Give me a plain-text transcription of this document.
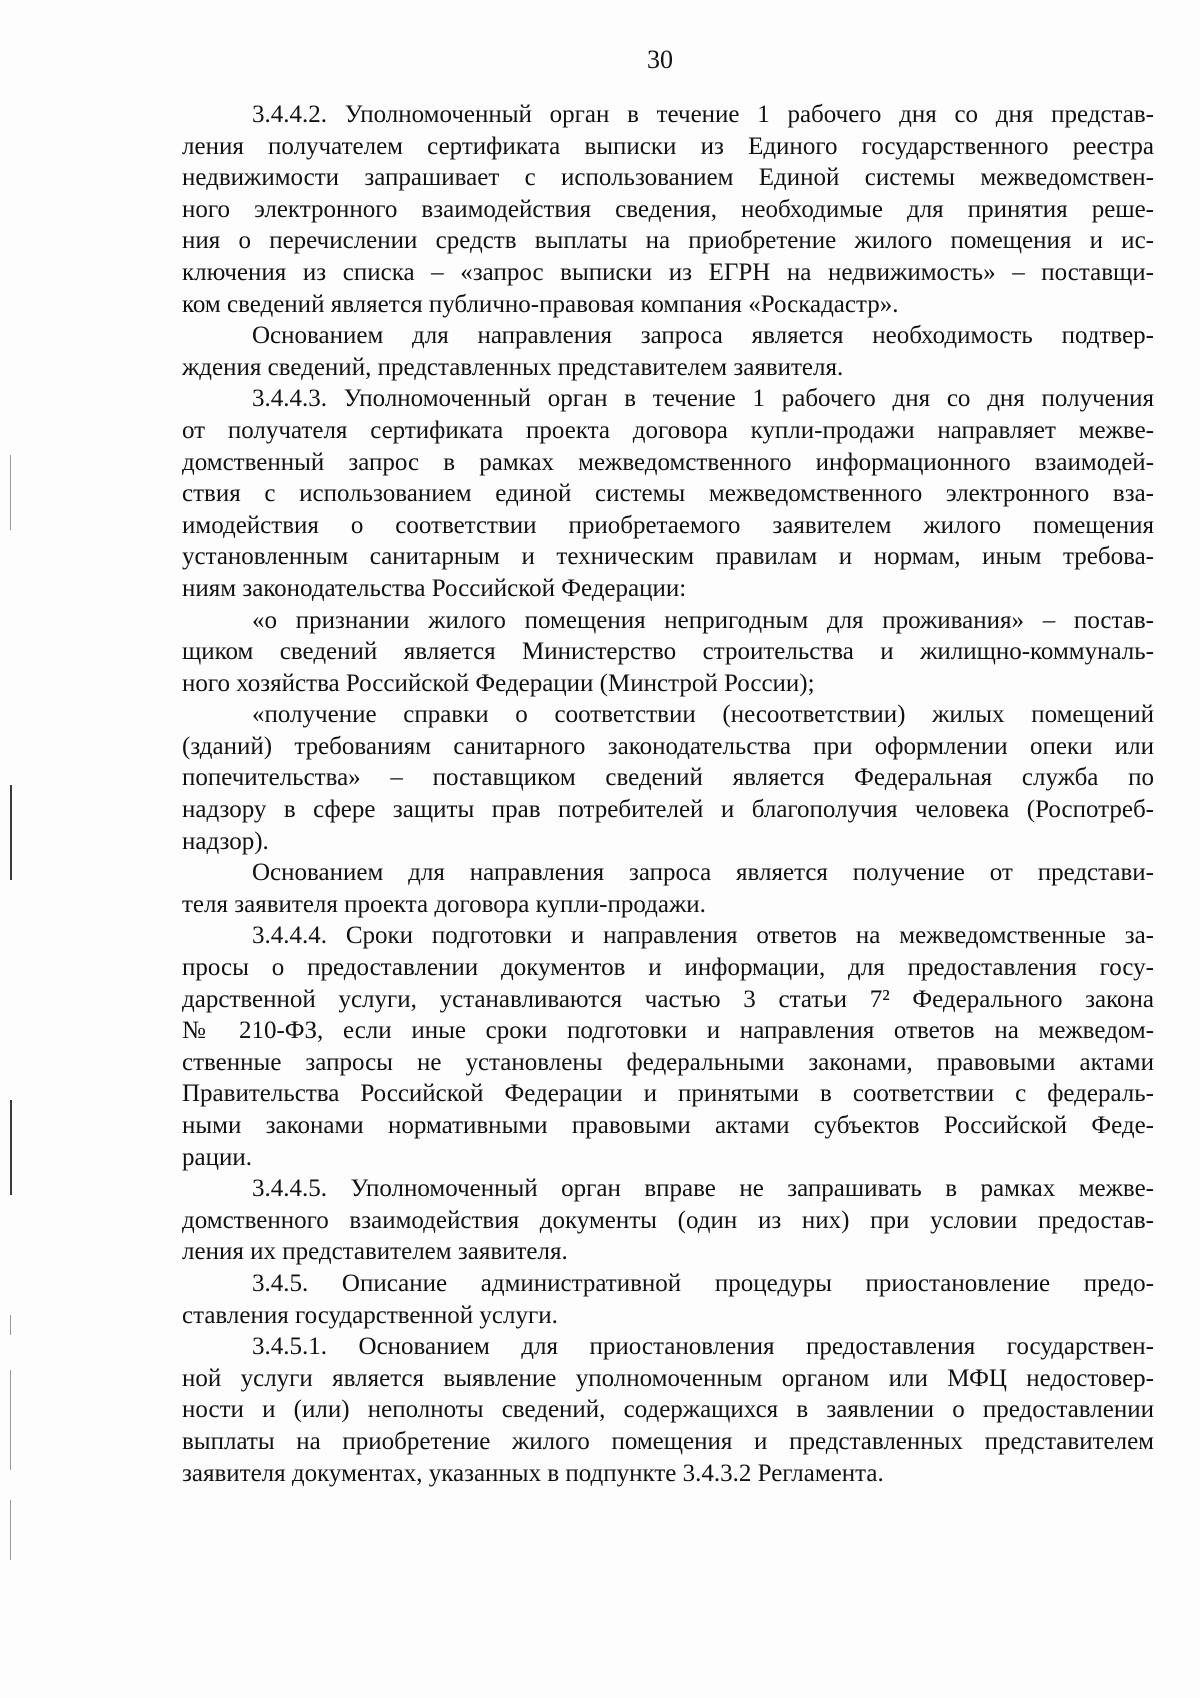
30
3.4.4.2. Уполномоченный орган в течение 1 рабочего дня со дня представ-
ления получателем сертификата выписки из Единого государственного реестра
недвижимости запрашивает с использованием Единой системы межведомствен-
ного электронного взаимодействия сведения, необходимые для принятия реше-
ния о перечислении средств выплаты на приобретение жилого помещения и ис-
ключения из списка – «запрос выписки из ЕГРН на недвижимость» – поставщи-
ком сведений является публично-правовая компания «Роскадастр».
Основанием для направления запроса является необходимость подтвер-
ждения сведений, представленных представителем заявителя.
3.4.4.3. Уполномоченный орган в течение 1 рабочего дня со дня получения
от получателя сертификата проекта договора купли-продажи направляет межве-
домственный запрос в рамках межведомственного информационного взаимодей-
ствия с использованием единой системы межведомственного электронного вза-
имодействия о соответствии приобретаемого заявителем жилого помещения
установленным санитарным и техническим правилам и нормам, иным требова-
ниям законодательства Российской Федерации:
«о признании жилого помещения непригодным для проживания» – постав-
щиком сведений является Министерство строительства и жилищно-коммуналь-
ного хозяйства Российской Федерации (Минстрой России);
«получение справки о соответствии (несоответствии) жилых помещений
(зданий) требованиям санитарного законодательства при оформлении опеки или
попечительства» – поставщиком сведений является Федеральная служба по
надзору в сфере защиты прав потребителей и благополучия человека (Роспотреб-
надзор).
Основанием для направления запроса является получение от представи-
теля заявителя проекта договора купли-продажи.
3.4.4.4. Сроки подготовки и направления ответов на межведомственные за-
просы о предоставлении документов и информации, для предоставления госу-
дарственной услуги, устанавливаются частью 3 статьи 7² Федерального закона
№ 210-ФЗ, если иные сроки подготовки и направления ответов на межведом-
ственные запросы не установлены федеральными законами, правовыми актами
Правительства Российской Федерации и принятыми в соответствии с федераль-
ными законами нормативными правовыми актами субъектов Российской Феде-
рации.
3.4.4.5. Уполномоченный орган вправе не запрашивать в рамках межве-
домственного взаимодействия документы (один из них) при условии предостав-
ления их представителем заявителя.
3.4.5. Описание административной процедуры приостановление предо-
ставления государственной услуги.
3.4.5.1. Основанием для приостановления предоставления государствен-
ной услуги является выявление уполномоченным органом или МФЦ недостовер-
ности и (или) неполноты сведений, содержащихся в заявлении о предоставлении
выплаты на приобретение жилого помещения и представленных представителем
заявителя документах, указанных в подпункте 3.4.3.2 Регламента.
